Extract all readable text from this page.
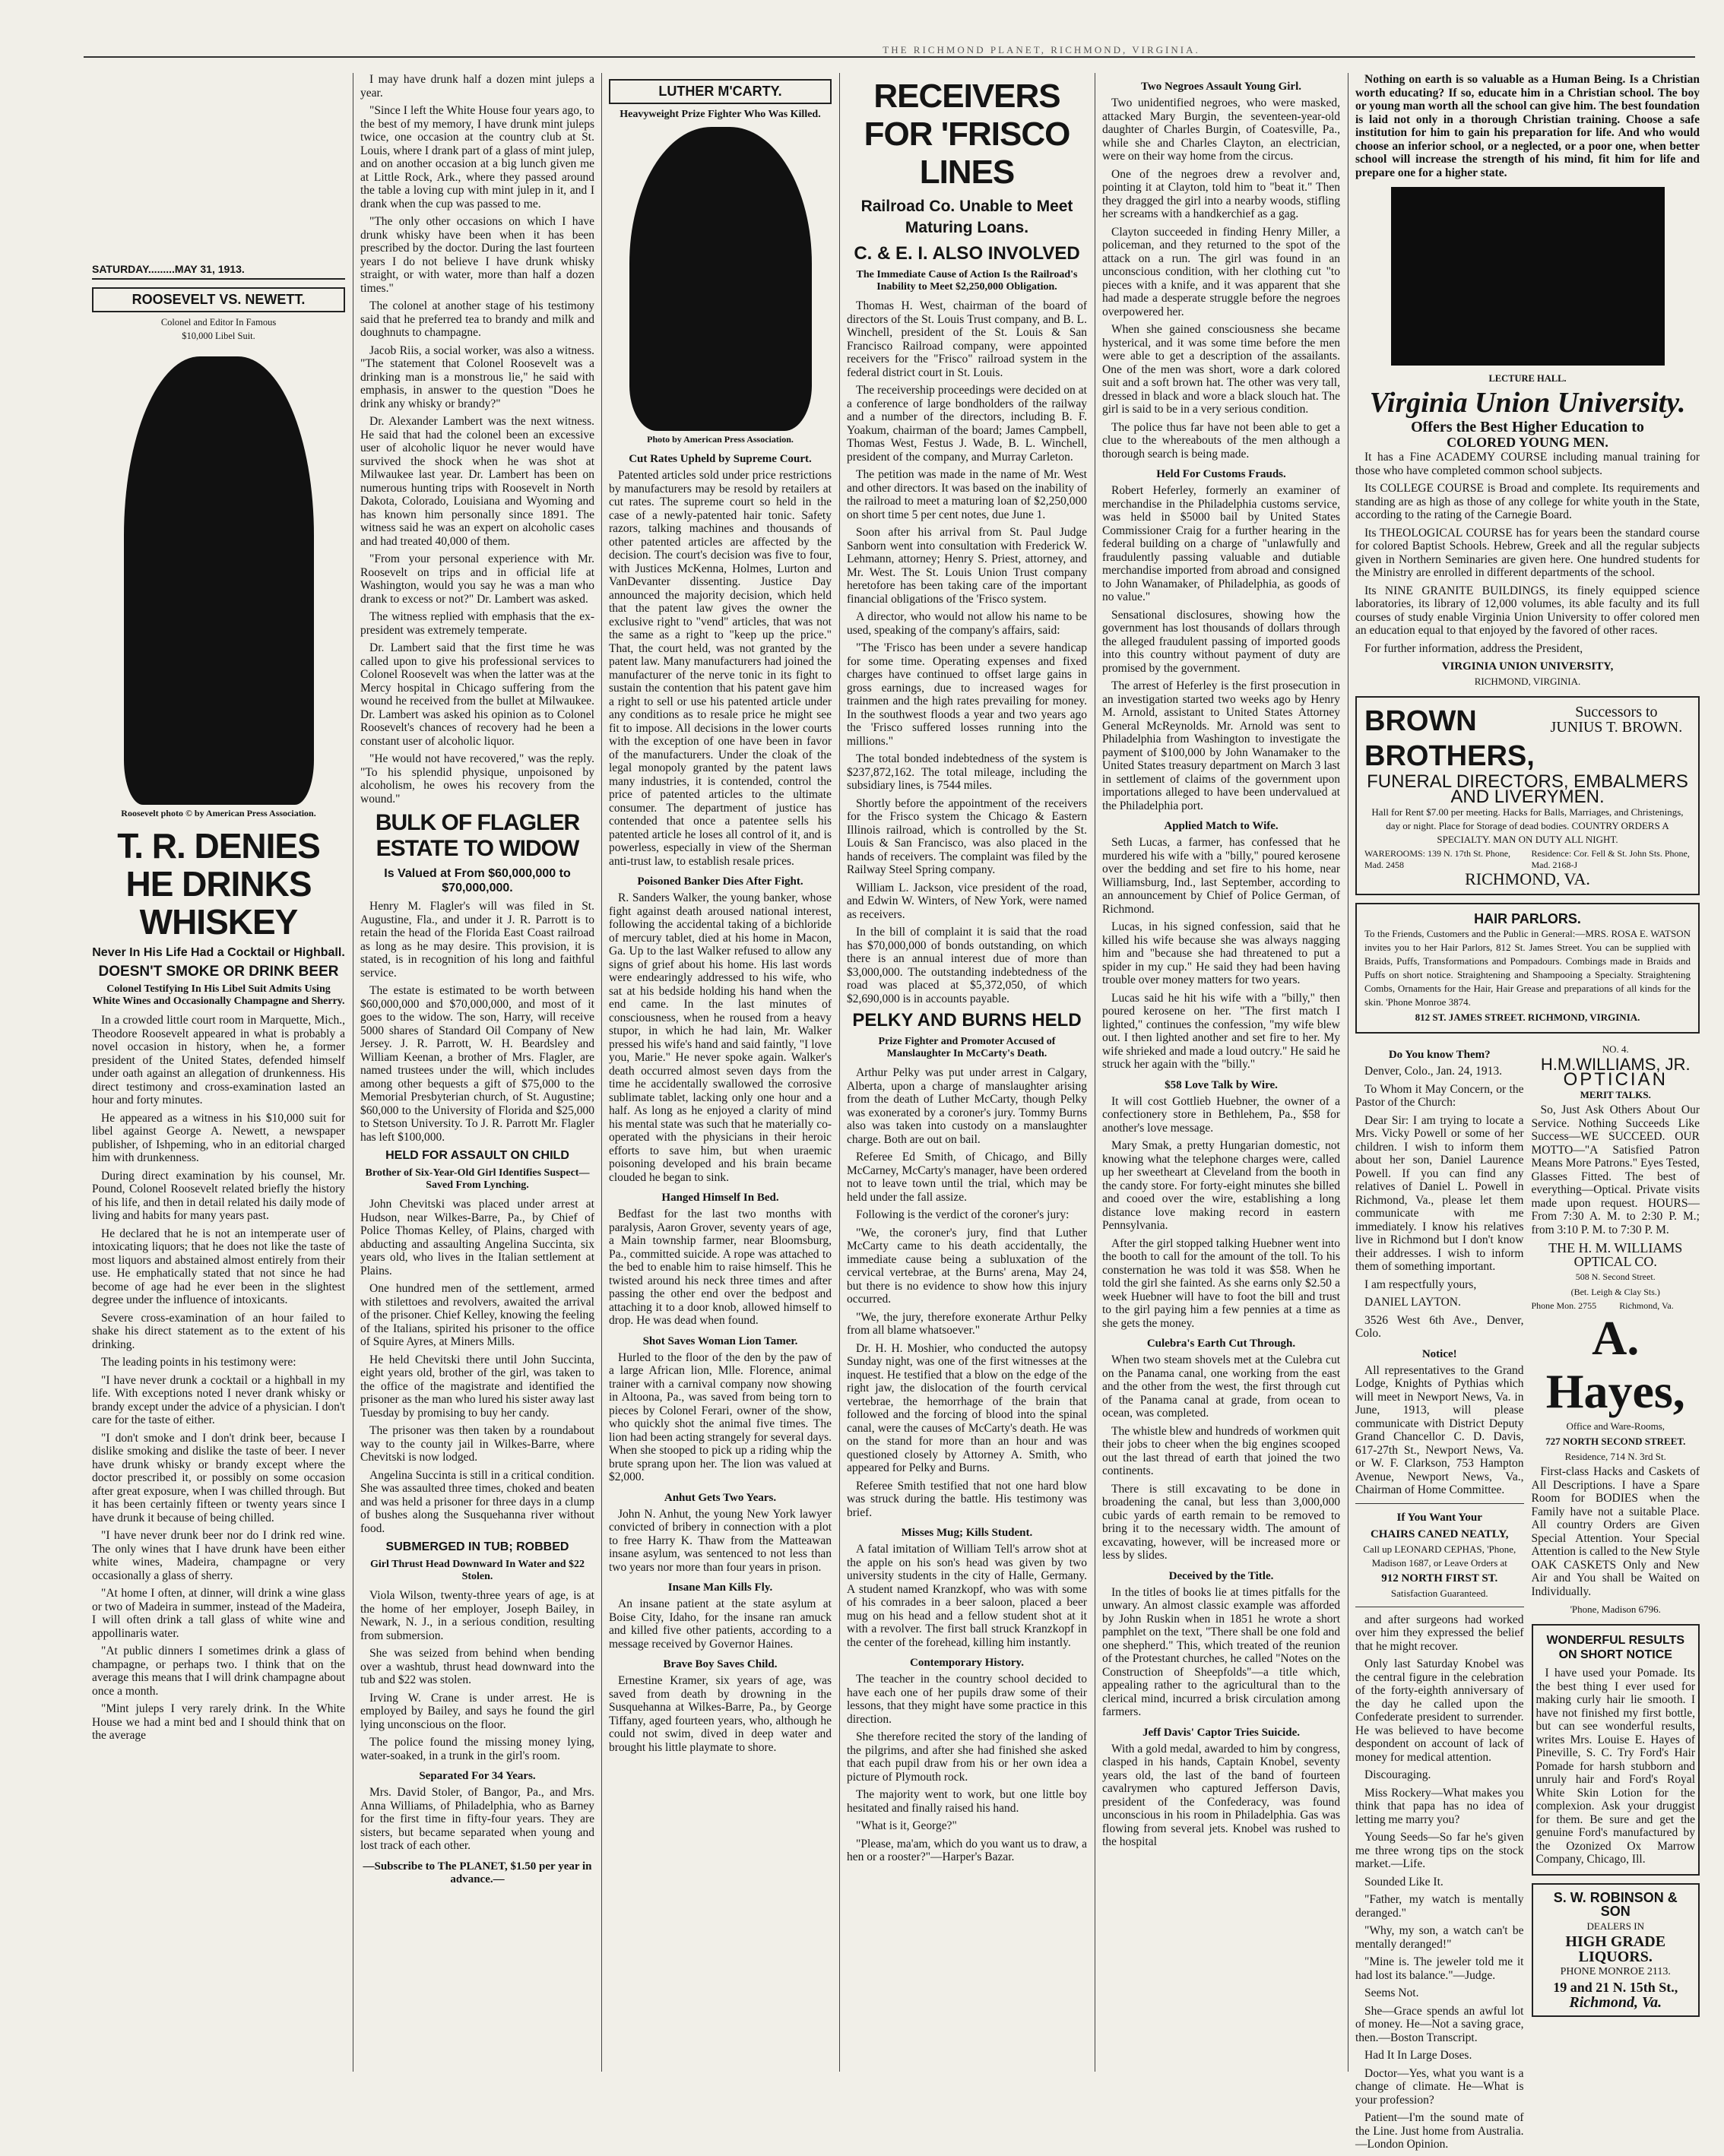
THE RICHMOND PLANET, RICHMOND, VIRGINIA.
SATURDAY.........MAY 31, 1913.
ROOSEVELT VS. NEWETT.
Colonel and Editor In Famous
$10,000 Libel Suit.
Roosevelt photo © by American Press Association.
T. R. DENIES HE DRINKS WHISKEY
Never In His Life Had a Cocktail or Highball.
DOESN'T SMOKE OR DRINK BEER
Colonel Testifying In His Libel Suit Admits Using White Wines and Occasionally Champagne and Sherry.

In a crowded little court room in Marquette, Mich., Theodore Roosevelt appeared in what is probably a novel occasion in history, when he, a former president of the United States, defended himself under oath against an allegation of drunkenness. His direct testimony and cross-examination lasted an hour and forty minutes.

He appeared as a witness in his $10,000 suit for libel against George A. Newett, a newspaper publisher, of Ishpeming, who in an editorial charged him with drunkenness.

During direct examination by his counsel, Mr. Pound, Colonel Roosevelt related briefly the history of his life, and then in detail related his daily mode of living and habits for many years past.

He declared that he is not an intemperate user of intoxicating liquors; that he does not like the taste of most liquors and abstained almost entirely from their use. He emphatically stated that not since he had become of age had he ever been in the slightest degree under the influence of intoxicants.

Severe cross-examination of an hour failed to shake his direct statement as to the extent of his drinking.

The leading points in his testimony were:

"I have never drunk a cocktail or a highball in my life. With exceptions noted I never drank whisky or brandy except under the advice of a physician. I don't care for the taste of either.

"I don't smoke and I don't drink beer, because I dislike smoking and dislike the taste of beer. I never have drunk whisky or brandy except where the doctor prescribed it, or possibly on some occasion after great exposure, when I was chilled through. But it has been certainly fifteen or twenty years since I have drunk it because of being chilled.

"I have never drunk beer nor do I drink red wine. The only wines that I have drunk have been either white wines, Madeira, champagne or very occasionally a glass of sherry.

"At home I often, at dinner, will drink a wine glass or two of Madeira in summer, instead of the Madeira, I will often drink a tall glass of white wine and appollinaris water.

"At public dinners I sometimes drink a glass of champagne, or perhaps two. I think that on the average this means that I will drink champagne about once a month.

"Mint juleps I very rarely drink. In the White House we had a mint bed and I should think that on the average

I may have drunk half a dozen mint juleps a year.

"Since I left the White House four years ago, to the best of my memory, I have drunk mint juleps twice, one occasion at the country club at St. Louis, where I drank part of a glass of mint julep, and on another occasion at a big lunch given me at Little Rock, Ark., where they passed around the table a loving cup with mint julep in it, and I drank when the cup was passed to me.

"The only other occasions on which I have drunk whisky have been when it has been prescribed by the doctor. During the last fourteen years I do not believe I have drunk whisky straight, or with water, more than half a dozen times."

The colonel at another stage of his testimony said that he preferred tea to brandy and milk and doughnuts to champagne.

Jacob Riis, a social worker, was also a witness. "The statement that Colonel Roosevelt was a drinking man is a monstrous lie," he said with emphasis, in answer to the question "Does he drink any whisky or brandy?"

Dr. Alexander Lambert was the next witness. He said that had the colonel been an excessive user of alcoholic liquor he never would have survived the shock when he was shot at Milwaukee last year. Dr. Lambert has been on numerous hunting trips with Roosevelt in North Dakota, Colorado, Louisiana and Wyoming and has known him personally since 1891. The witness said he was an expert on alcoholic cases and had treated 40,000 of them.

"From your personal experience with Mr. Roosevelt on trips and in official life at Washington, would you say he was a man who drank to excess or not?" Dr. Lambert was asked.

The witness replied with emphasis that the ex-president was extremely temperate.

Dr. Lambert said that the first time he was called upon to give his professional services to Colonel Roosevelt was when the latter was at the Mercy hospital in Chicago suffering from the wound he received from the bullet at Milwaukee. Dr. Lambert was asked his opinion as to Colonel Roosevelt's chances of recovery had he been a constant user of alcoholic liquor.

"He would not have recovered," was the reply. "To his splendid physique, unpoisoned by alcoholism, he owes his recovery from the wound."

BULK OF FLAGLER ESTATE TO WIDOW
Is Valued at From $60,000,000 to $70,000,000.

Henry M. Flagler's will was filed in St. Augustine, Fla., and under it J. R. Parrott is to retain the head of the Florida East Coast railroad as long as he may desire. This provision, it is stated, is in recognition of his long and faithful service.

The estate is estimated to be worth between $60,000,000 and $70,000,000, and most of it goes to the widow. The son, Harry, will receive 5000 shares of Standard Oil Company of New Jersey. J. R. Parrott, W. H. Beardsley and William Keenan, a brother of Mrs. Flagler, are named trustees under the will, which includes among other bequests a gift of $75,000 to the Memorial Presbyterian church, of St. Augustine; $60,000 to the University of Florida and $25,000 to Stetson University. To J. R. Parrott Mr. Flagler has left $100,000.

HELD FOR ASSAULT ON CHILD
Brother of Six-Year-Old Girl Identifies Suspect—Saved From Lynching.

John Chevitski was placed under arrest at Hudson, near Wilkes-Barre, Pa., by Chief of Police Thomas Kelley, of Plains, charged with abducting and assaulting Angelina Succinta, six years old, who lives in the Italian settlement at Plains.

One hundred men of the settlement, armed with stilettoes and revolvers, awaited the arrival of the prisoner. Chief Kelley, knowing the feeling of the Italians, spirited his prisoner to the office of Squire Ayres, at Miners Mills.

He held Chevitski there until John Succinta, eight years old, brother of the girl, was taken to the office of the magistrate and identified the prisoner as the man who lured his sister away last Tuesday by promising to buy her candy.

The prisoner was then taken by a roundabout way to the county jail in Wilkes-Barre, where Chevitski is now lodged.

Angelina Succinta is still in a critical condition. She was assaulted three times, choked and beaten and was held a prisoner for three days in a clump of bushes along the Susquehanna river without food.

SUBMERGED IN TUB; ROBBED
Girl Thrust Head Downward In Water and $22 Stolen.

Viola Wilson, twenty-three years of age, is at the home of her employer, Joseph Bailey, in Newark, N. J., in a serious condition, resulting from submersion.

She was seized from behind when bending over a washtub, thrust head downward into the tub and $22 was stolen.

Irving W. Crane is under arrest. He is employed by Bailey, and says he found the girl lying unconscious on the floor.

The police found the missing money lying, water-soaked, in a trunk in the girl's room.

Separated For 34 Years.

Mrs. David Stoler, of Bangor, Pa., and Mrs. Anna Williams, of Philadelphia, who as Barney for the first time in fifty-four years. They are sisters, but became separated when young and lost track of each other.

—Subscribe to The PLANET, $1.50 per year in advance.—
LUTHER M'CARTY.
Heavyweight Prize Fighter Who Was Killed.
Photo by American Press Association.
Cut Rates Upheld by Supreme Court.

Patented articles sold under price restrictions by manufacturers may be resold by retailers at cut rates. The supreme court so held in the case of a newly-patented hair tonic. Safety razors, talking machines and thousands of other patented articles are affected by the decision. The court's decision was five to four, with Justices McKenna, Holmes, Lurton and VanDevanter dissenting. Justice Day announced the majority decision, which held that the patent law gives the owner the exclusive right to "vend" articles, that was not the same as a right to "keep up the price." That, the court held, was not granted by the patent law. Many manufacturers had joined the manufacturer of the nerve tonic in its fight to sustain the contention that his patent gave him a right to sell or use his patented article under any conditions as to resale price he might see fit to impose. All decisions in the lower courts with the exception of one have been in favor of the manufacturers. Under the cloak of the legal monopoly granted by the patent laws many industries, it is contended, control the price of patented articles to the ultimate consumer. The department of justice has contended that once a patentee sells his patented article he loses all control of it, and is powerless, especially in view of the Sherman anti-trust law, to establish resale prices.

Poisoned Banker Dies After Fight.

R. Sanders Walker, the young banker, whose fight against death aroused national interest, following the accidental taking of a bichloride of mercury tablet, died at his home in Macon, Ga. Up to the last Walker refused to allow any signs of grief about his home. His last words were endearingly addressed to his wife, who sat at his bedside holding his hand when the end came. In the last minutes of consciousness, when he roused from a heavy stupor, in which he had lain, Mr. Walker pressed his wife's hand and said faintly, "I love you, Marie." He never spoke again. Walker's death occurred almost seven days from the time he accidentally swallowed the corrosive sublimate tablet, lacking only one hour and a half. As long as he enjoyed a clarity of mind his mental state was such that he materially co-operated with the physicians in their heroic efforts to save him, but when uraemic poisoning developed and his brain became clouded he began to sink.

Hanged Himself In Bed.

Bedfast for the last two months with paralysis, Aaron Grover, seventy years of age, a Main township farmer, near Bloomsburg, Pa., committed suicide. A rope was attached to the bed to enable him to raise himself. This he twisted around his neck three times and after passing the other end over the bedpost and attaching it to a door knob, allowed himself to drop. He was dead when found.

Shot Saves Woman Lion Tamer.

Hurled to the floor of the den by the paw of a large African lion, Mlle. Florence, animal trainer with a carnival company now showing in Altoona, Pa., was saved from being torn to pieces by Colonel Ferari, owner of the show, who quickly shot the animal five times. The lion had been acting strangely for several days. When she stooped to pick up a riding whip the brute sprang upon her. The lion was valued at $2,000.

Anhut Gets Two Years.

John N. Anhut, the young New York lawyer convicted of bribery in connection with a plot to free Harry K. Thaw from the Matteawan insane asylum, was sentenced to not less than two years nor more than four years in prison.

Insane Man Kills Fly.

An insane patient at the state asylum at Boise City, Idaho, for the insane ran amuck and killed five other patients, according to a message received by Governor Haines.

Brave Boy Saves Child.

Ernestine Kramer, six years of age, was saved from death by drowning in the Susquehanna at Wilkes-Barre, Pa., by George Tiffany, aged fourteen years, who, although he could not swim, dived in deep water and brought his little playmate to shore.

RECEIVERS FOR 'FRISCO LINES
Railroad Co. Unable to Meet Maturing Loans.
C. & E. I. ALSO INVOLVED
The Immediate Cause of Action Is the Railroad's Inability to Meet $2,250,000 Obligation.

Thomas H. West, chairman of the board of directors of the St. Louis Trust company, and B. L. Winchell, president of the St. Louis & San Francisco Railroad company, were appointed receivers for the "Frisco" railroad system in the federal district court in St. Louis.

The receivership proceedings were decided on at a conference of large bondholders of the railway and a number of the directors, including B. F. Yoakum, chairman of the board; James Campbell, Thomas West, Festus J. Wade, B. L. Winchell, president of the company, and Murray Carleton.

The petition was made in the name of Mr. West and other directors. It was based on the inability of the railroad to meet a maturing loan of $2,250,000 on short time 5 per cent notes, due June 1.

Soon after his arrival from St. Paul Judge Sanborn went into consultation with Frederick W. Lehmann, attorney; Henry S. Priest, attorney, and Mr. West. The St. Louis Union Trust company heretofore has been taking care of the important financial obligations of the 'Frisco system.

A director, who would not allow his name to be used, speaking of the company's affairs, said:

"The 'Frisco has been under a severe handicap for some time. Operating expenses and fixed charges have continued to offset large gains in gross earnings, due to increased wages for trainmen and the high rates prevailing for money. In the southwest floods a year and two years ago the 'Frisco suffered losses running into the millions."

The total bonded indebtedness of the system is $237,872,162. The total mileage, including the subsidiary lines, is 7544 miles.

Shortly before the appointment of the receivers for the Frisco system the Chicago & Eastern Illinois railroad, which is controlled by the St. Louis & San Francisco, was also placed in the hands of receivers. The complaint was filed by the Railway Steel Spring company.

William L. Jackson, vice president of the road, and Edwin W. Winters, of New York, were named as receivers.

In the bill of complaint it is said that the road has $70,000,000 of bonds outstanding, on which there is an annual interest due of more than $3,000,000. The outstanding indebtedness of the road was placed at $5,372,050, of which $2,690,000 is in accounts payable.

PELKY AND BURNS HELD
Prize Fighter and Promoter Accused of Manslaughter In McCarty's Death.

Arthur Pelky was put under arrest in Calgary, Alberta, upon a charge of manslaughter arising from the death of Luther McCarty, though Pelky was exonerated by a coroner's jury. Tommy Burns also was taken into custody on a manslaughter charge. Both are out on bail.

Referee Ed Smith, of Chicago, and Billy McCarney, McCarty's manager, have been ordered not to leave town until the trial, which may be held under the fall assize.

Following is the verdict of the coroner's jury:

"We, the coroner's jury, find that Luther McCarty came to his death accidentally, the immediate cause being a subluxation of the cervical vertebrae, at the Burns' arena, May 24, but there is no evidence to show how this injury occurred.

"We, the jury, therefore exonerate Arthur Pelky from all blame whatsoever."

Dr. H. H. Moshier, who conducted the autopsy Sunday night, was one of the first witnesses at the inquest. He testified that a blow on the edge of the right jaw, the dislocation of the fourth cervical vertebrae, the hemorrhage of the brain that followed and the forcing of blood into the spinal canal, were the causes of McCarty's death. He was on the stand for more than an hour and was questioned closely by Attorney A. Smith, who appeared for Pelky and Burns.

Referee Smith testified that not one hard blow was struck during the battle. His testimony was brief.

Misses Mug; Kills Student.

A fatal imitation of William Tell's arrow shot at the apple on his son's head was given by two university students in the city of Halle, Germany. A student named Kranzkopf, who was with some of his comrades in a beer saloon, placed a beer mug on his head and a fellow student shot at it with a revolver. The first ball struck Kranzkopf in the center of the forehead, killing him instantly.

Contemporary History.

The teacher in the country school decided to have each one of her pupils draw some of their lessons, that they might have some practice in this direction.

She therefore recited the story of the landing of the pilgrims, and after she had finished she asked that each pupil draw from his or her own idea a picture of Plymouth rock.

The majority went to work, but one little boy hesitated and finally raised his hand.

"What is it, George?"

"Please, ma'am, which do you want us to draw, a hen or a rooster?"—Harper's Bazar.

Two Negroes Assault Young Girl.

Two unidentified negroes, who were masked, attacked Mary Burgin, the seventeen-year-old daughter of Charles Burgin, of Coatesville, Pa., while she and Charles Clayton, an electrician, were on their way home from the circus.

One of the negroes drew a revolver and, pointing it at Clayton, told him to "beat it." Then they dragged the girl into a nearby woods, stifling her screams with a handkerchief as a gag.

Clayton succeeded in finding Henry Miller, a policeman, and they returned to the spot of the attack on a run. The girl was found in an unconscious condition, with her clothing cut "to pieces with a knife, and it was apparent that she had made a desperate struggle before the negroes overpowered her.

When she gained consciousness she became hysterical, and it was some time before the men were able to get a description of the assailants. One of the men was short, wore a dark colored suit and a soft brown hat. The other was very tall, dressed in black and wore a black slouch hat. The girl is said to be in a very serious condition.

The police thus far have not been able to get a clue to the whereabouts of the men although a thorough search is being made.

Held For Customs Frauds.

Robert Heferley, formerly an examiner of merchandise in the Philadelphia customs service, was held in $5000 bail by United States Commissioner Craig for a further hearing in the federal building on a charge of "unlawfully and fraudulently passing valuable and dutiable merchandise imported from abroad and consigned to John Wanamaker, of Philadelphia, as goods of no value."

Sensational disclosures, showing how the government has lost thousands of dollars through the alleged fraudulent passing of imported goods into this country without payment of duty are promised by the government.

The arrest of Heferley is the first prosecution in an investigation started two weeks ago by Henry M. Arnold, assistant to United States Attorney General McReynolds. Mr. Arnold was sent to Philadelphia from Washington to investigate the payment of $100,000 by John Wanamaker to the United States treasury department on March 3 last in settlement of claims of the government upon importations alleged to have been undervalued at the Philadelphia port.

Applied Match to Wife.

Seth Lucas, a farmer, has confessed that he murdered his wife with a "billy," poured kerosene over the bedding and set fire to his home, near Williamsburg, Ind., last September, according to an announcement by Chief of Police German, of Richmond.

Lucas, in his signed confession, said that he killed his wife because she was always nagging him and "because she had threatened to put a spider in my cup." He said they had been having trouble over money matters for two years.

Lucas said he hit his wife with a "billy," then poured kerosene on her. "The first match I lighted," continues the confession, "my wife blew out. I then lighted another and set fire to her. My wife shrieked and made a loud outcry." He said he struck her again with the "billy."

$58 Love Talk by Wire.

It will cost Gottlieb Huebner, the owner of a confectionery store in Bethlehem, Pa., $58 for another's love message.

Mary Smak, a pretty Hungarian domestic, not knowing what the telephone charges were, called up her sweetheart at Cleveland from the booth in the candy store. For forty-eight minutes she billed and cooed over the wire, establishing a long distance love making record in eastern Pennsylvania.

After the girl stopped talking Huebner went into the booth to call for the amount of the toll. To his consternation he was told it was $58. When he told the girl she fainted. As she earns only $2.50 a week Huebner will have to foot the bill and trust to the girl paying him a few pennies at a time as she gets the money.

Culebra's Earth Cut Through.

When two steam shovels met at the Culebra cut on the Panama canal, one working from the east and the other from the west, the first through cut of the Panama canal at grade, from ocean to ocean, was completed.

The whistle blew and hundreds of workmen quit their jobs to cheer when the big engines scooped out the last thread of earth that joined the two continents.

There is still excavating to be done in broadening the canal, but less than 3,000,000 cubic yards of earth remain to be removed to bring it to the necessary width. The amount of excavating, however, will be increased more or less by slides.

Deceived by the Title.

In the titles of books lie at times pitfalls for the unwary. An almost classic example was afforded by John Ruskin when in 1851 he wrote a short pamphlet on the text, "There shall be one fold and one shepherd." This, which treated of the reunion of the Protestant churches, he called "Notes on the Construction of Sheepfolds"—a title which, appealing rather to the agricultural than to the clerical mind, incurred a brisk circulation among farmers.

Jeff Davis' Captor Tries Suicide.

With a gold medal, awarded to him by congress, clasped in his hands, Captain Knobel, seventy years old, the last of the band of fourteen cavalrymen who captured Jefferson Davis, president of the Confederacy, was found unconscious in his room in Philadelphia. Gas was flowing from several jets. Knobel was rushed to the hospital

Nothing on earth is so valuable as a Human Being. Is a Christian worth educating? If so, educate him in a Christian school. The boy or young man worth all the school can give him. The best foundation is laid not only in a thorough Christian training. Choose a safe institution for him to gain his preparation for life. And who would choose an inferior school, or a neglected, or a poor one, when better school will increase the strength of his mind, fit him for life and prepare one for a higher state.

LECTURE HALL.
Virginia Union University.
Offers the Best Higher Education to
COLORED YOUNG MEN.

It has a Fine ACADEMY COURSE including manual training for those who have completed common school subjects.

Its COLLEGE COURSE is Broad and complete. Its requirements and standing are as high as those of any college for white youth in the State, according to the rating of the Carnegie Board.

Its THEOLOGICAL COURSE has for years been the standard course for colored Baptist Schools. Hebrew, Greek and all the regular subjects given in Northern Seminaries are given here. One hundred students for the Ministry are enrolled in different departments of the school.

Its NINE GRANITE BUILDINGS, its finely equipped science laboratories, its library of 12,000 volumes, its able faculty and its full courses of study enable Virginia Union University to offer colored men an education equal to that enjoyed by the favored of other races.

For further information, address the President,

VIRGINIA UNION UNIVERSITY,
RICHMOND, VIRGINIA.
BROWN BROTHERS,
Successors to
JUNIUS T. BROWN.
FUNERAL DIRECTORS, EMBALMERS
AND LIVERYMEN.
Hall for Rent $7.00 per meeting. Hacks for Balls, Marriages, and Christenings, day or night. Place for Storage of dead bodies. COUNTRY ORDERS A SPECIALTY. MAN ON DUTY ALL NIGHT.
WAREROOMS: 139 N. 17th St. Phone, Mad. 2458
Residence: Cor. Fell & St. John Sts. Phone, Mad. 2168-J
RICHMOND, VA.
HAIR PARLORS.
To the Friends, Customers and the Public in General:—MRS. ROSA E. WATSON invites you to her Hair Parlors, 812 St. James Street. You can be supplied with Braids, Puffs, Transformations and Pompadours. Combings made in Braids and Puffs on short notice. Straightening and Shampooing a Specialty. Straightening Combs, Ornaments for the Hair, Hair Grease and preparations of all kinds for the skin. 'Phone Monroe 3874.
812 ST. JAMES STREET. RICHMOND, VIRGINIA.
Do You know Them?

Denver, Colo., Jan. 24, 1913.

To Whom it May Concern, or the Pastor of the Church:

Dear Sir: I am trying to locate a Mrs. Vicky Powell or some of her children. I wish to inform them about her son, Daniel Laurence Powell. If you can find any relatives of Daniel L. Powell in Richmond, Va., please let them communicate with me immediately. I know his relatives live in Richmond but I don't know their addresses. I wish to inform them of something important.

I am respectfully yours,

DANIEL LAYTON.

3526 West 6th Ave., Denver, Colo.

Notice!

All representatives to the Grand Lodge, Knights of Pythias which will meet in Newport News, Va. in June, 1913, will please communicate with District Deputy Grand Chancellor C. D. Davis, 617-27th St., Newport News, Va. or W. F. Clarkson, 753 Hampton Avenue, Newport News, Va., Chairman of Home Committee.

If You Want Your
CHAIRS CANED NEATLY,
Call up LEONARD CEPHAS, 'Phone, Madison 1687, or Leave Orders at
912 NORTH FIRST ST.
Satisfaction Guaranteed.

and after surgeons had worked over him they expressed the belief that he might recover.

Only last Saturday Knobel was the central figure in the celebration of the forty-eighth anniversary of the day he called upon the Confederate president to surrender. He was believed to have become despondent on account of lack of money for medical attention.

Discouraging.

Miss Rockery—What makes you think that papa has no idea of letting me marry you?

Young Seeds—So far he's given me three wrong tips on the stock market.—Life.

Sounded Like It.

"Father, my watch is mentally deranged."

"Why, my son, a watch can't be mentally deranged!"

"Mine is. The jeweler told me it had lost its balance."—Judge.

Seems Not.

She—Grace spends an awful lot of money. He—Not a saving grace, then.—Boston Transcript.

Had It In Large Doses.

Doctor—Yes, what you want is a change of climate. He—What is your profession?

Patient—I'm the sound mate of the Line. Just home from Australia.—London Opinion.

NO. 4.
H.M.WILLIAMS, JR.
OPTICIAN
MERIT TALKS.

So, Just Ask Others About Our Service. Nothing Succeeds Like Success—WE SUCCEED. OUR MOTTO—"A Satisfied Patron Means More Patrons." Eyes Tested, Glasses Fitted. The best of everything—Optical. Private visits made upon request. HOURS—From 7:30 A. M. to 2:30 P. M.; from 3:10 P. M. to 7:30 P. M.

THE H. M. WILLIAMS OPTICAL CO.
508 N. Second Street.
(Bet. Leigh & Clay Sts.)
Phone Mon. 2755	Richmond, Va.
A. Hayes,
Office and Ware-Rooms,
727 NORTH SECOND STREET.
Residence, 714 N. 3rd St.

First-class Hacks and Caskets of All Descriptions. I have a Spare Room for BODIES when the Family have not a suitable Place. All country Orders are Given Special Attention. Your Special Attention is called to the New Style OAK CASKETS Only and New Air and You shall be Waited on Individually.

'Phone, Madison 6796.
WONDERFUL RESULTS ON SHORT NOTICE

I have used your Pomade. Its the best thing I ever used for making curly hair lie smooth. I have not finished my first bottle, but can see wonderful results, writes Mrs. Louise E. Hayes of Pineville, S. C. Try Ford's Hair Pomade for harsh stubborn and unruly hair and Ford's Royal White Skin Lotion for the complexion. Ask your druggist for them. Be sure and get the genuine Ford's manufactured by the Ozonized Ox Marrow Company, Chicago, Ill.

S. W. ROBINSON & SON
DEALERS IN
HIGH GRADE
LIQUORS.
PHONE MONROE 2113.
19 and 21 N. 15th St.,
Richmond, Va.
